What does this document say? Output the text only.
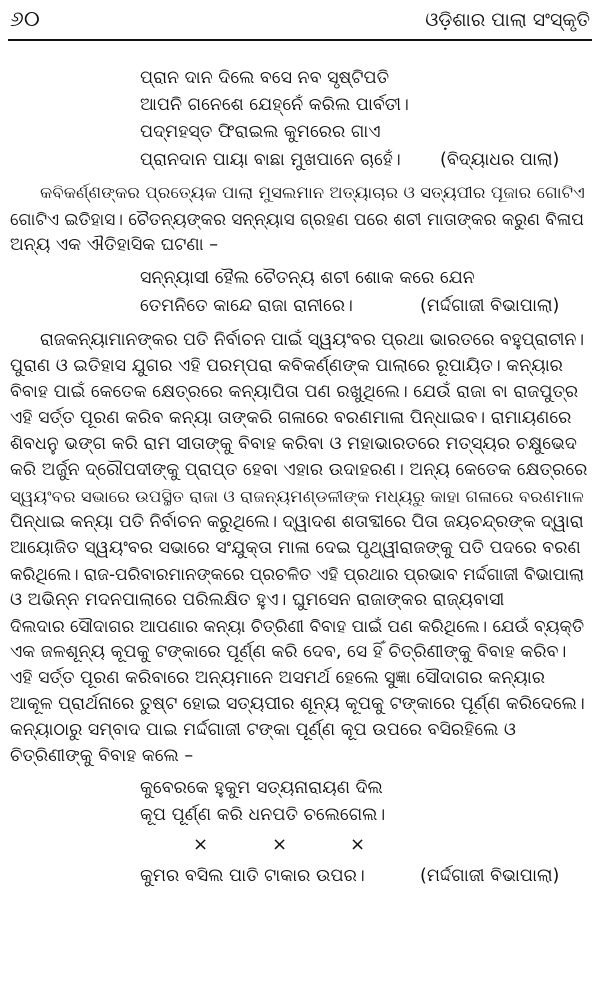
୬୦	ଓଡ଼ିଶାର ପାଲା ସଂସ୍କୃତି
ପ୍ରାନ ଦାନ ଦିଲେ ବସେ ନବ ସୃଷ୍ଟିପତି
ଆପନି ଗନେଶେ ଯେହ୍ନେଁ କରିଲ ପାର୍ବତୀ।
ପଦ୍ମହସ୍ତ ଫିରାଇଲ କୁମରେର ଗାଏ
ପ୍ରାନଦାନ ପାୟା ବାଛା ମୁଖପାନେ ଚାହେଁ। (ବିଦ୍ୟାଧର ପାଲା)
କବିକର୍ଣ୍ଣଙ୍କର ପ୍ରତ୍ୟେକ ପାଲା ମୁସଲମାନ ଅତ୍ୟାଚାର ଓ ସତ୍ୟପୀର ପୂଜାର ଗୋଟିଏ
ଗୋଟିଏ ଇତିହାସ। ଚୈତନ୍ୟଙ୍କର ସନ୍ନ୍ୟାସ ଗ୍ରହଣ ପରେ ଶଚୀ ମାତାଙ୍କର କରୁଣ ବିଳାପ
ଅନ୍ୟ ଏକ ଐତିହାସିକ ଘଟଣା –
ସନ୍ନ୍ୟାସୀ ହୈଲ ଚୈତନ୍ୟ ଶଚୀ ଶୋକ କରେ ଯେନ
ତେମନିତେ କାନ୍ଦେ ରାଜା ରାନୀରେ।	(ମର୍ଦ୍ଦଗାଜୀ ବିଭାପାଲା)
ରାଜକନ୍ୟାମାନଙ୍କର ପତି ନିର୍ବାଚନ ପାଇଁ ସ୍ୱୟଂବର ପ୍ରଥା ଭାରତରେ ବହୁପ୍ରାଚୀନ।
ପୁରାଣ ଓ ଇତିହାସ ଯୁଗର ଏହି ପରମ୍ପରା କବିକର୍ଣ୍ଣଙ୍କ ପାଲାରେ ରୂପାୟିତ। କନ୍ୟାର
ବିବାହ ପାଇଁ କେତେକ କ୍ଷେତ୍ରରେ କନ୍ୟାପିତା ପଣ ରଖୁଥିଲେ। ଯେଉଁ ରାଜା ବା ରାଜପୁତ୍ର
ଏହି ସର୍ତ୍ତ ପୂରଣ କରିବ କନ୍ୟା ତାଙ୍କରି ଗଳାରେ ବରଣମାଳା ପିନ୍ଧାଇବ। ରାମାୟଣରେ
ଶିବଧନୁ ଭଙ୍ଗ କରି ରାମ ସୀତାଙ୍କୁ ବିବାହ କରିବା ଓ ମହାଭାରତରେ ମତ୍ସ୍ୟର ଚକ୍ଷୁଭେଦ
କରି ଅର୍ଜୁନ ଦ୍ରୌପଦୀଙ୍କୁ ପ୍ରାପ୍ତ ହେବା ଏହାର ଉଦାହରଣ। ଅନ୍ୟ କେତେକ କ୍ଷେତ୍ରରେ
ସ୍ୱୟଂବର ସଭାରେ ଉପସ୍ଥିତ ରାଜା ଓ ରାଜନ୍ୟମଣ୍ଡଳୀଙ୍କ ମଧ୍ୟରୁ କାହା ଗଳାରେ ବରଣମାଳ
ପିନ୍ଧାଇ କନ୍ୟା ପତି ନିର୍ବାଚନ କରୁଥିଲେ। ଦ୍ୱାଦଶ ଶତାବ୍ଦୀରେ ପିତା ଜୟଚନ୍ଦ୍ରଙ୍କ ଦ୍ୱାରା
ଆୟୋଜିତ ସ୍ୱୟଂବର ସଭାରେ ସଂଯୁକ୍ତା ମାଳା ଦେଇ ପୃଥ୍ୱୀରାଜଙ୍କୁ ପତି ପଦରେ ବରଣ
କରିଥିଲେ। ରାଜ-ପରିବାରମାନଙ୍କରେ ପ୍ରଚଳିତ ଏହି ପ୍ରଥାର ପ୍ରଭାବ ମର୍ଦ୍ଦଗାଜୀ ବିଭାପାଲା
ଓ ଅଭିନ୍ନ ମଦନପାଲାରେ ପରିଲକ୍ଷିତ ହୁଏ। ଘୁମସେନ ରାଜାଙ୍କର ରାଜ୍ୟବାସୀ
ଦିଲଦାର ସୌଦାଗର ଆପଣାର କନ୍ୟା ଚିତ୍ରିଣୀ ବିବାହ ପାଇଁ ପଣ କରିଥିଲେ। ଯେଉଁ ବ୍ୟକ୍ତି
ଏକ ଜଳଶୂନ୍ୟ କୂପକୁ ଟଙ୍କାରେ ପୂର୍ଣ୍ଣ କରି ଦେବ, ସେ ହିଁ ଚିତ୍ରିଣୀଙ୍କୁ ବିବାହ କରିବ।
ଏହି ସର୍ତ୍ତ ପୂରଣ କରିବାରେ ଅନ୍ୟମାନେ ଅସମର୍ଥ ହେଲେ ସୁଜ୍ଞା ସୌଦାଗର କନ୍ୟାର
ଆକୂଳ ପ୍ରାର୍ଥନାରେ ତୁଷ୍ଟ ହୋଇ ସତ୍ୟପୀର ଶୂନ୍ୟ କୂପକୁ ଟଙ୍କାରେ ପୂର୍ଣ୍ଣ କରିଦେଲେ।
କନ୍ୟାଠାରୁ ସମ୍ବାଦ ପାଇ ମର୍ଦ୍ଦଗାଜୀ ଟଙ୍କା ପୂର୍ଣ୍ଣ କୂପ ଉପରେ ବସିରହିଲେ ଓ
ଚିତ୍ରିଣୀଙ୍କୁ ବିବାହ କଲେ –
କୁବେରକେ ହୁକୁମ ସତ୍ୟନାରାୟଣ ଦିଲ
କୂପ ପୂର୍ଣ୍ଣ କରି ଧନପତି ଚଲେଗେଲ।
×	×	×
କୁମର ବସିଲ ପାତି ଟାକାର ଉପର।	(ମର୍ଦ୍ଦଗାଜୀ ବିଭାପାଲା)
